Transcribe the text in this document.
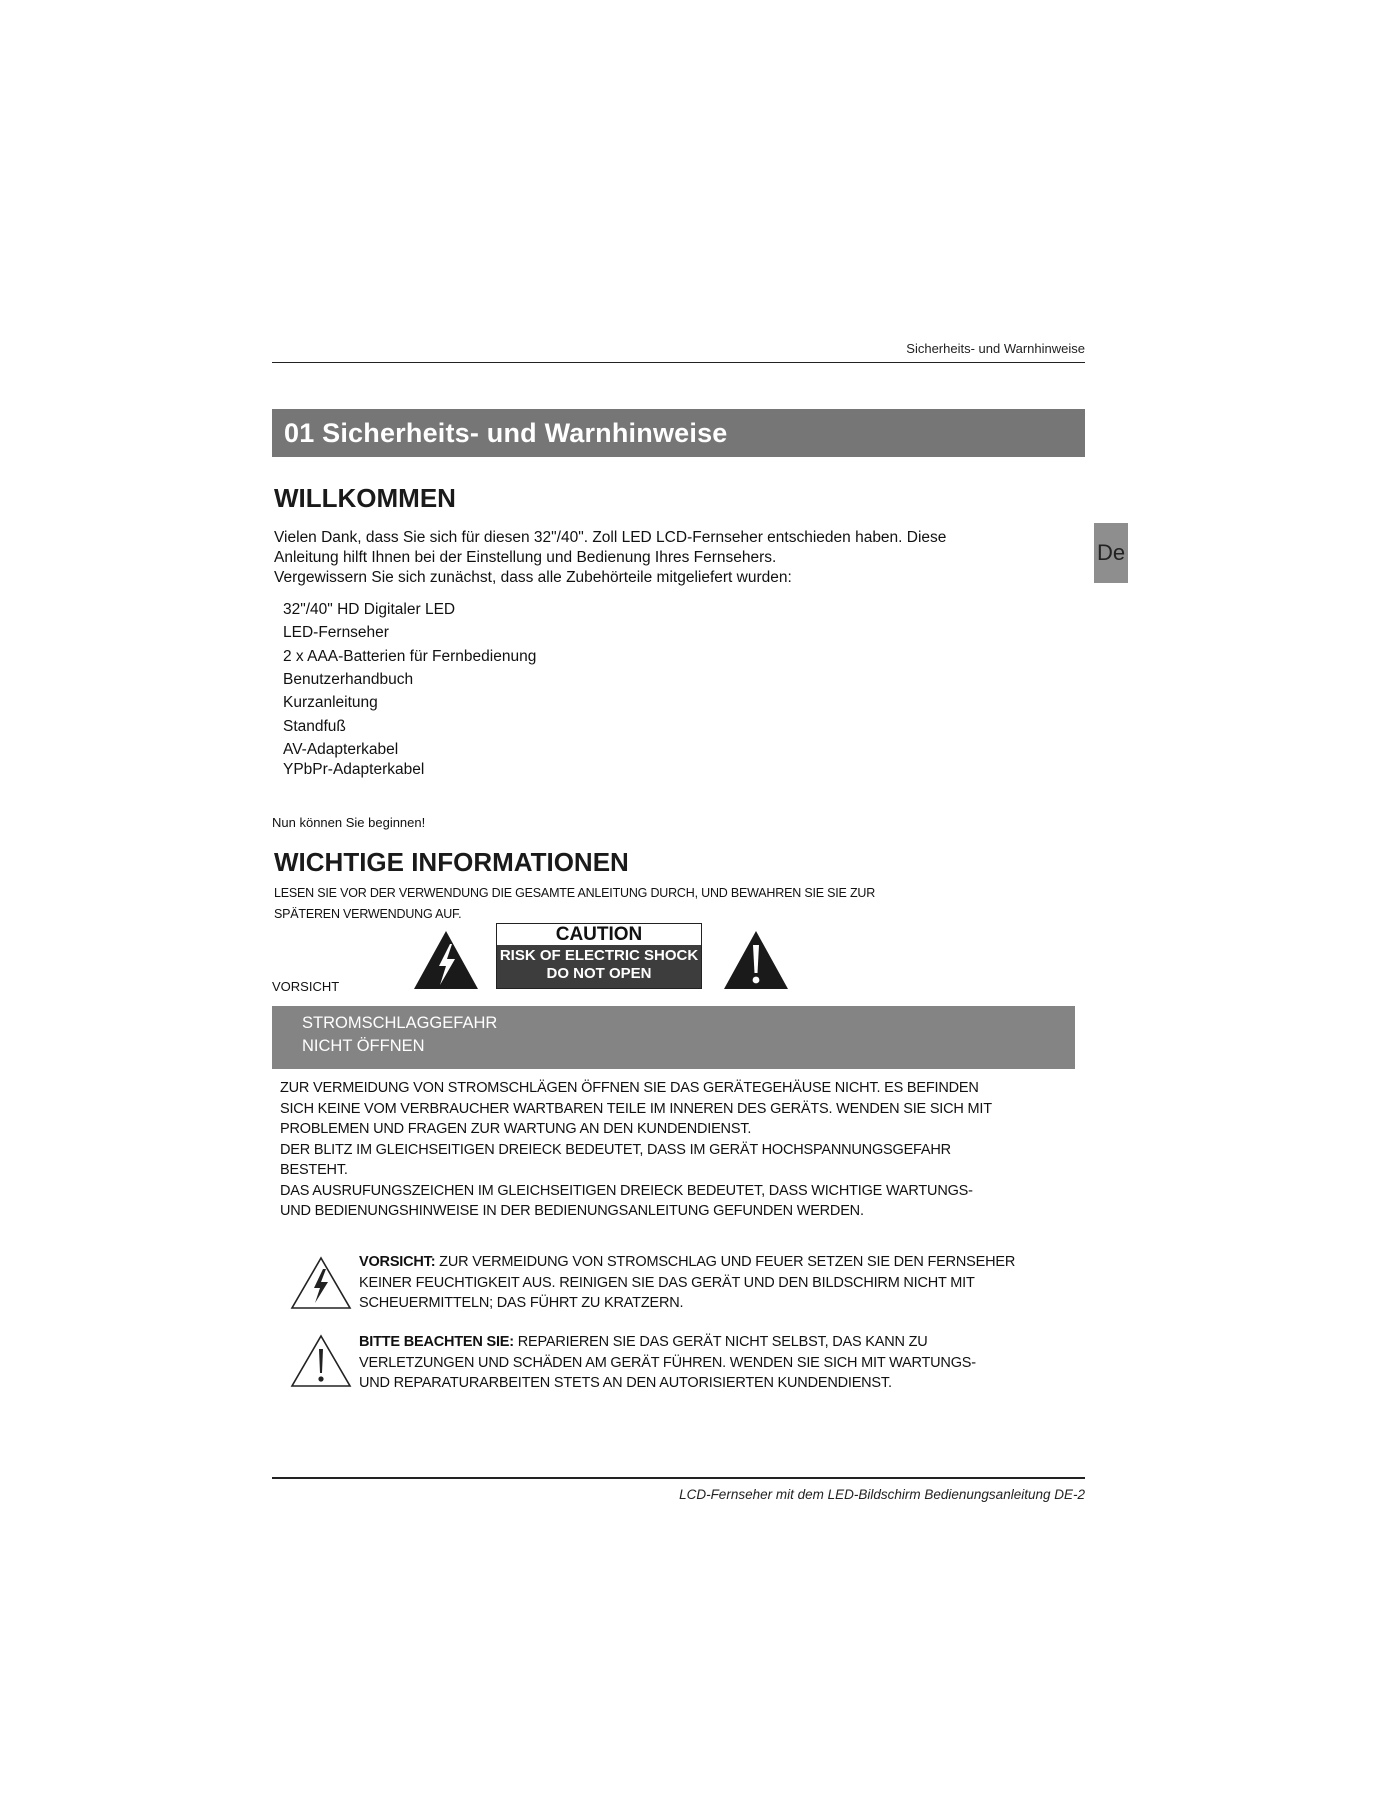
Sicherheits- und Warnhinweise
01 Sicherheits- und Warnhinweise
De
WILLKOMMEN
Vielen Dank, dass Sie sich für diesen 32"/40". Zoll LED LCD-Fernseher entschieden haben. Diese
Anleitung hilft Ihnen bei der Einstellung und Bedienung Ihres Fernsehers.
Vergewissern Sie sich zunächst, dass alle Zubehörteile mitgeliefert wurden:
32"/40" HD Digitaler LED
LED-Fernseher
2 x AAA-Batterien für Fernbedienung
Benutzerhandbuch
Kurzanleitung
Standfuß
AV-Adapterkabel
YPbPr-Adapterkabel
Nun können Sie beginnen!
WICHTIGE INFORMATIONEN
LESEN SIE VOR DER VERWENDUNG DIE GESAMTE ANLEITUNG DURCH, UND BEWAHREN SIE SIE ZUR
SPÄTEREN VERWENDUNG AUF.
VORSICHT
CAUTION
RISK OF ELECTRIC SHOCK
DO NOT OPEN
STROMSCHLAGGEFAHR
NICHT ÖFFNEN
ZUR VERMEIDUNG VON STROMSCHLÄGEN ÖFFNEN SIE DAS GERÄTEGEHÄUSE NICHT. ES BEFINDEN
SICH KEINE VOM VERBRAUCHER WARTBAREN TEILE IM INNEREN DES GERÄTS. WENDEN SIE SICH MIT
PROBLEMEN UND FRAGEN ZUR WARTUNG AN DEN KUNDENDIENST.
DER BLITZ IM GLEICHSEITIGEN DREIECK BEDEUTET, DASS IM GERÄT HOCHSPANNUNGSGEFAHR
BESTEHT.
DAS AUSRUFUNGSZEICHEN IM GLEICHSEITIGEN DREIECK BEDEUTET, DASS WICHTIGE WARTUNGS-
UND BEDIENUNGSHINWEISE IN DER BEDIENUNGSANLEITUNG GEFUNDEN WERDEN.
VORSICHT: ZUR VERMEIDUNG VON STROMSCHLAG UND FEUER SETZEN SIE DEN FERNSEHER
KEINER FEUCHTIGKEIT AUS. REINIGEN SIE DAS GERÄT UND DEN BILDSCHIRM NICHT MIT
SCHEUERMITTELN; DAS FÜHRT ZU KRATZERN.
BITTE BEACHTEN SIE: REPARIEREN SIE DAS GERÄT NICHT SELBST, DAS KANN ZU
VERLETZUNGEN UND SCHÄDEN AM GERÄT FÜHREN. WENDEN SIE SICH MIT WARTUNGS-
UND REPARATURARBEITEN STETS AN DEN AUTORISIERTEN KUNDENDIENST.
LCD-Fernseher mit dem LED-Bildschirm Bedienungsanleitung DE-2
